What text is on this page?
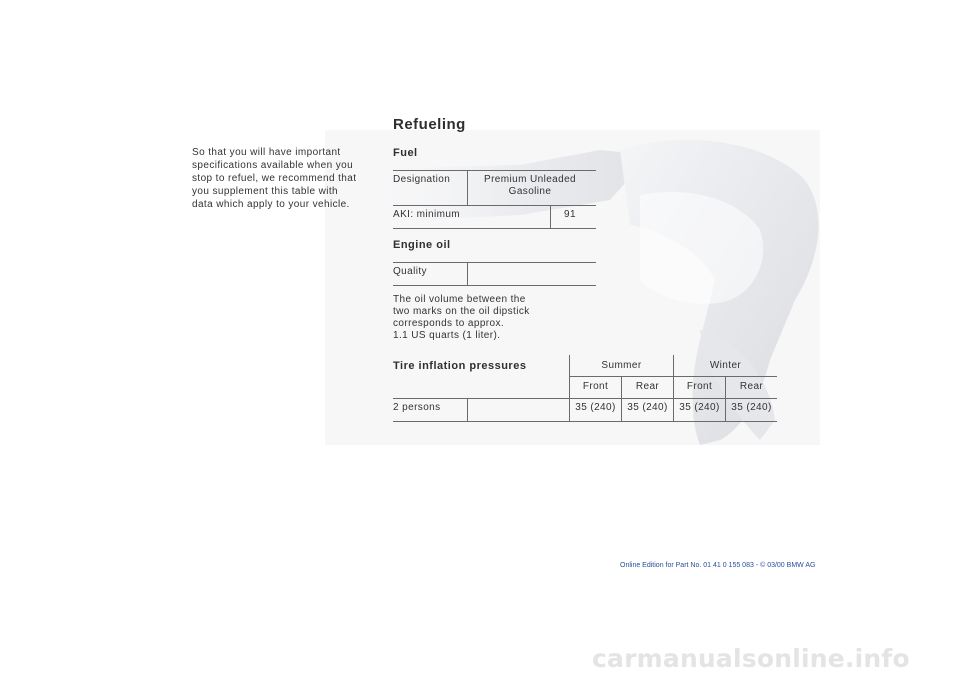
So that you will have important specifications available when you stop to refuel, we recommend that you supplement this table with data which apply to your vehicle.
Refueling
Fuel
Designation	Premium Unleaded
Gasoline
AKI: minimum	91
Engine oil
Quality
The oil volume between the
two marks on the oil dipstick
corresponds to approx.
1.1 US quarts (1 liter).
Tire inflation pressures	Summer	Winter
Front	Rear	Front	Rear
2 persons	35 (240)	35 (240)	35 (240)	35 (240)
Online Edition for Part No. 01 41 0 155 083 - © 03/00 BMW AG
carmanualsonline.info
